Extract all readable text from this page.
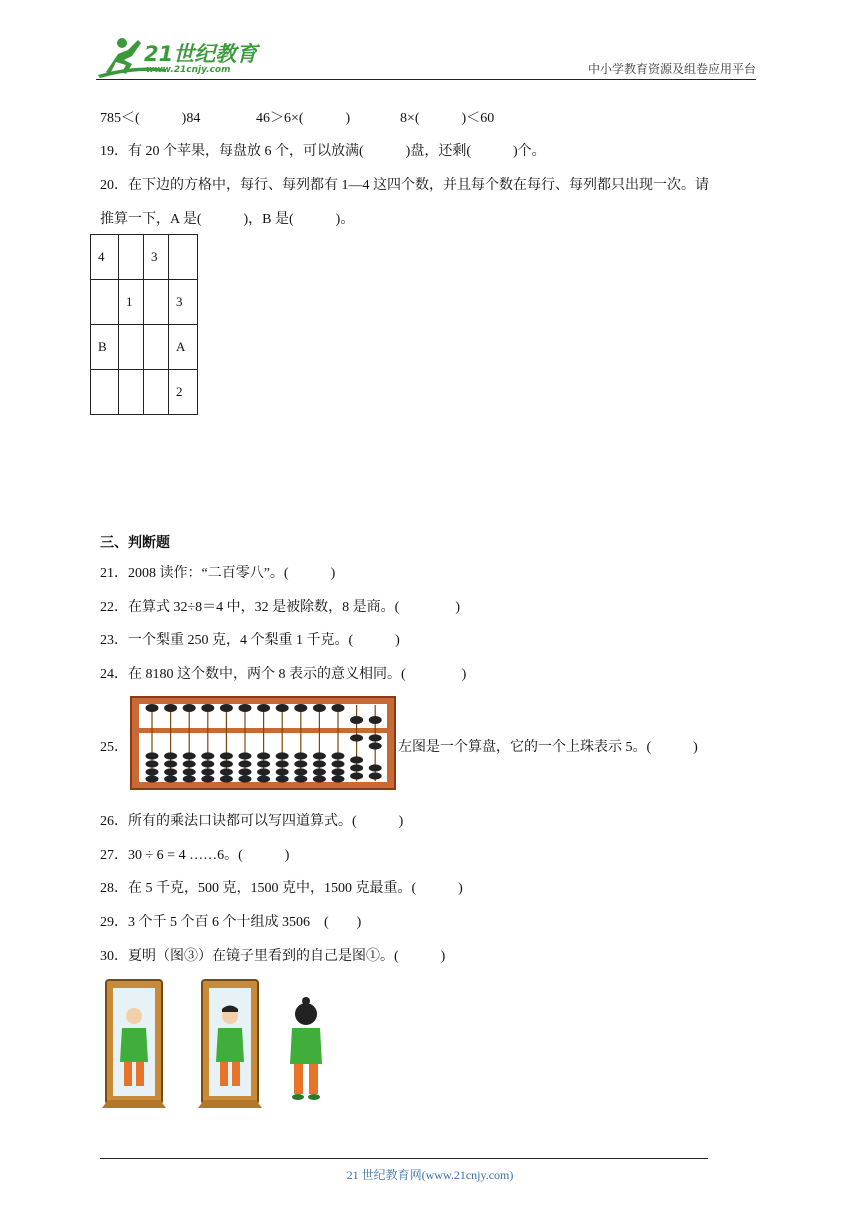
21世纪教育
www.21cnjy.com	中小学教育资源及组卷应用平台
785＜(　　　)84	46＞6×(　　　)	8×(　　　)＜60
19．有 20 个苹果，每盘放 6 个，可以放满(　　　)盘，还剩(　　　)个。
20．在下边的方格中，每行、每列都有 1—4 这四个数，并且每个数在每行、每列都只出现一次。请
推算一下，A 是(　　　)，B 是(　　　)。
4		3	
	1		3
B			A
			2
三、判断题
21．2008 读作：“二百零八”。(　　　)
22．在算式 32÷8＝4 中，32 是被除数，8 是商。(　　　　)
23．一个梨重 250 克，4 个梨重 1 千克。(　　　)
24．在 8180 这个数中，两个 8 表示的意义相同。(　　　　)
25．	左图是一个算盘，它的一个上珠表示 5。(　　　)
26．所有的乘法口诀都可以写四道算式。(　　　)
27．30 ÷ 6 = 4 ……6。(　　　)
28．在 5 千克，500 克，1500 克中，1500 克最重。(　　　)
29．3 个千 5 个百 6 个十组成 3506　(　　)
30．夏明（图③）在镜子里看到的自己是图①。(　　　)
21 世纪教育网(www.21cnjy.com)
